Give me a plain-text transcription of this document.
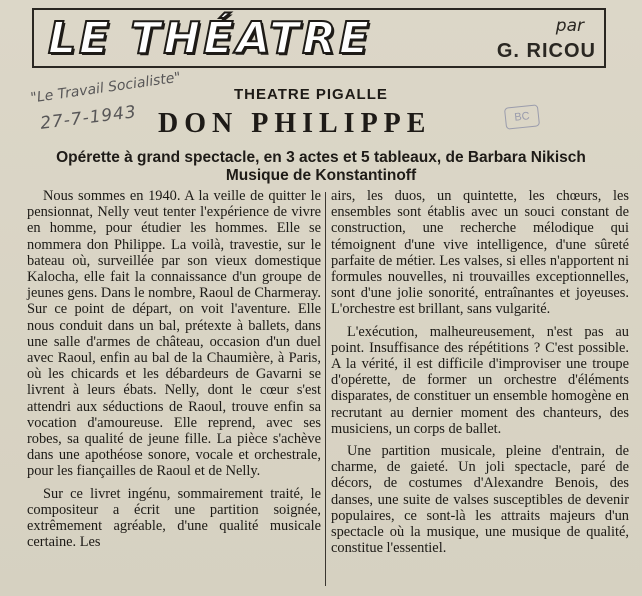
LE THÉATRE	par
G. RICOU
"Le Travail Socialiste"
27-7-1943
THEATRE PIGALLE
DON PHILIPPE	BC
Opérette à grand spectacle, en 3 actes et 5 tableaux, de Barbara Nikisch
Musique de Konstantinoff

Nous sommes en 1940. A la veille de quitter le pensionnat, Nelly veut tenter l'expérience de vivre en homme, pour étudier les hommes. Elle se nommera don Philippe. La voilà, travestie, sur le bateau où, surveillée par son vieux domestique Kalocha, elle fait la connaissance d'un groupe de jeunes gens. Dans le nombre, Raoul de Charmeray. Sur ce point de départ, on voit l'aventure. Elle nous conduit dans un bal, prétexte à ballets, dans une salle d'armes de château, occasion d'un duel avec Raoul, enfin au bal de la Chaumière, à Paris, où les chicards et les débardeurs de Gavarni se livrent à leurs ébats. Nelly, dont le cœur s'est attendri aux séductions de Raoul, trouve enfin sa vocation d'amoureuse. Elle reprend, avec ses robes, sa qualité de jeune fille. La pièce s'achève dans une apothéose sonore, vocale et orchestrale, pour les fiançailles de Raoul et de Nelly.

Sur ce livret ingénu, sommairement traité, le compositeur a écrit une partition soignée, extrêmement agréable, d'une qualité musicale certaine. Les

airs, les duos, un quintette, les chœurs, les ensembles sont établis avec un souci constant de construction, une recherche mélodique qui témoignent d'une vive intelligence, d'une sûreté parfaite de métier. Les valses, si elles n'apportent ni formules nouvelles, ni trouvailles exceptionnelles, sont d'une jolie sonorité, entraînantes et joyeuses. L'orchestre est brillant, sans vulgarité.

L'exécution, malheureusement, n'est pas au point. Insuffisance des répétitions ? C'est possible. A la vérité, il est difficile d'improviser une troupe d'opérette, de former un orchestre d'éléments disparates, de constituer un ensemble homogène en recrutant au dernier moment des chanteurs, des musiciens, un corps de ballet.

Une partition musicale, pleine d'entrain, de charme, de gaieté. Un joli spectacle, paré de décors, de costumes d'Alexandre Benois, des danses, une suite de valses susceptibles de devenir populaires, ce sont-là les attraits majeurs d'un spectacle où la musique, une musique de qualité, constitue l'essentiel.
